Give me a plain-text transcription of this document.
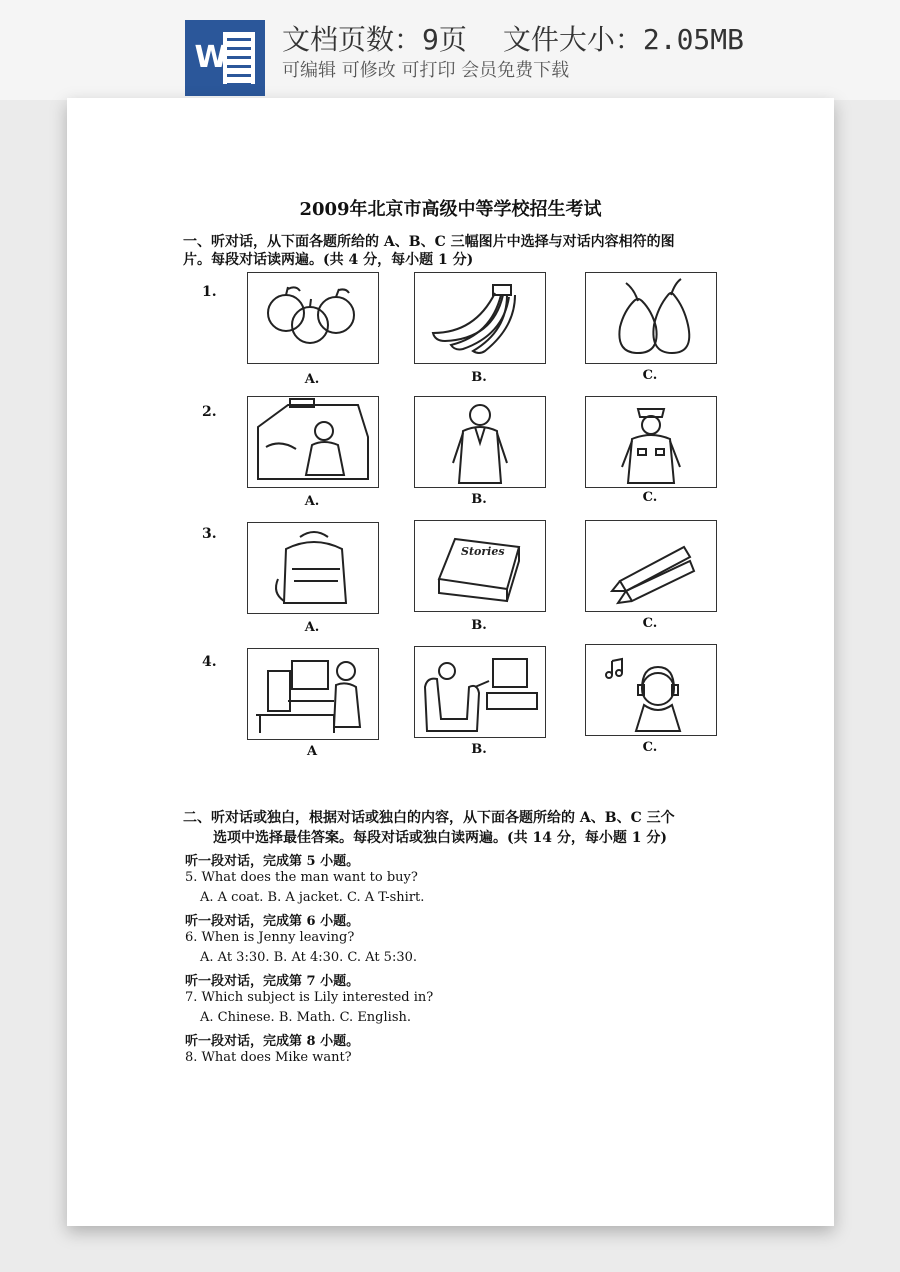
W
文档页数：9页 文件大小：2.05MB
可编辑 可修改 可打印 会员免费下载
2009年北京市高级中等学校招生考试
一、听对话，从下面各题所给的 A、B、C 三幅图片中选择与对话内容相符的图
片。每段对话读两遍。(共 4 分，每小题 1 分)
1.
A.	B.	C.
2.
A.	B.	C.
3.
Stories
A.	B.	C.
4.
A	B.	C.
二、听对话或独白，根据对话或独白的内容，从下面各题所给的 A、B、C 三个
选项中选择最佳答案。每段对话或独白读两遍。(共 14 分，每小题 1 分)
听一段对话，完成第 5 小题。
5. What does the man want to buy?
A. A coat. B. A jacket. C. A T-shirt.
听一段对话，完成第 6 小题。
6. When is Jenny leaving?
A. At 3:30. B. At 4:30. C. At 5:30.
听一段对话，完成第 7 小题。
7. Which subject is Lily interested in?
A. Chinese. B. Math. C. English.
听一段对话，完成第 8 小题。
8. What does Mike want?
